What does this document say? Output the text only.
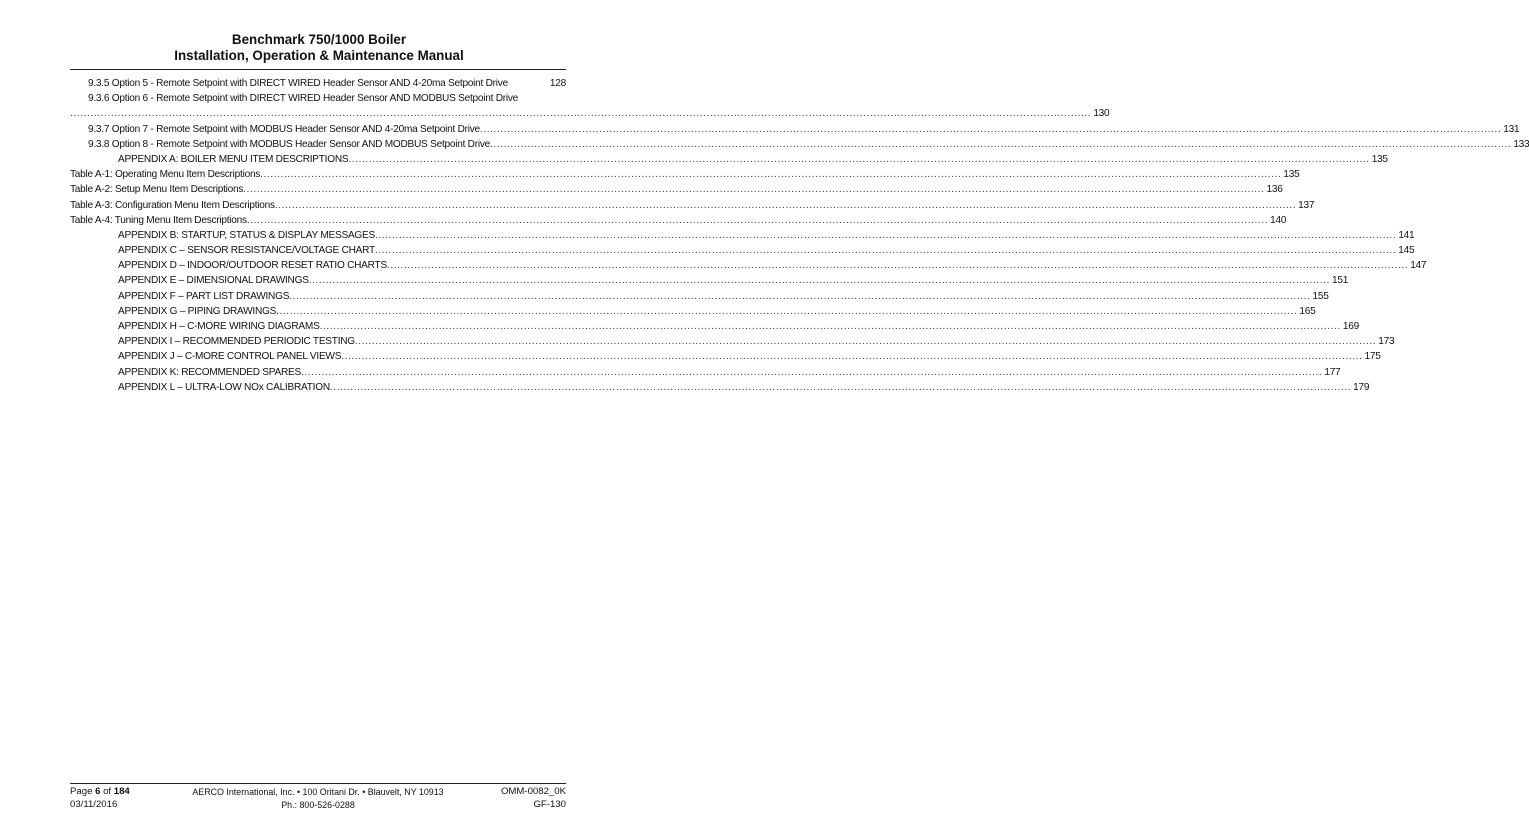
Benchmark 750/1000 Boiler
Installation, Operation & Maintenance Manual
9.3.5 Option 5 - Remote Setpoint with DIRECT WIRED Header Sensor AND 4-20ma Setpoint Drive	128
9.3.6 Option 6 - Remote Setpoint with DIRECT WIRED Header Sensor AND MODBUS Setpoint Drive
............................................................................................................................................................................................................................................................................................................ 130
9.3.7 Option 7 - Remote Setpoint with MODBUS Header Sensor AND 4-20ma Setpoint Drive ............................................................................................................................................................................................................................................................................................................ 131
9.3.8 Option 8 - Remote Setpoint with MODBUS Header Sensor AND MODBUS Setpoint Drive ............................................................................................................................................................................................................................................................................................................ 133
APPENDIX A: BOILER MENU ITEM DESCRIPTIONS ............................................................................................................................................................................................................................................................................................................ 135
Table A-1: Operating Menu Item Descriptions ............................................................................................................................................................................................................................................................................................................ 135
Table A-2: Setup Menu Item Descriptions ............................................................................................................................................................................................................................................................................................................ 136
Table A-3: Configuration Menu Item Descriptions ............................................................................................................................................................................................................................................................................................................ 137
Table A-4: Tuning Menu Item Descriptions ............................................................................................................................................................................................................................................................................................................ 140
APPENDIX B: STARTUP, STATUS & DISPLAY MESSAGES ............................................................................................................................................................................................................................................................................................................ 141
APPENDIX C – SENSOR RESISTANCE/VOLTAGE CHART ............................................................................................................................................................................................................................................................................................................ 145
APPENDIX D – INDOOR/OUTDOOR RESET RATIO CHARTS ............................................................................................................................................................................................................................................................................................................ 147
APPENDIX E – DIMENSIONAL DRAWINGS ............................................................................................................................................................................................................................................................................................................ 151
APPENDIX F – PART LIST DRAWINGS ............................................................................................................................................................................................................................................................................................................ 155
APPENDIX G – PIPING DRAWINGS ............................................................................................................................................................................................................................................................................................................ 165
APPENDIX H – C-MORE WIRING DIAGRAMS ............................................................................................................................................................................................................................................................................................................ 169
APPENDIX I – RECOMMENDED PERIODIC TESTING ............................................................................................................................................................................................................................................................................................................ 173
APPENDIX J – C-MORE CONTROL PANEL VIEWS ............................................................................................................................................................................................................................................................................................................ 175
APPENDIX K: RECOMMENDED SPARES ............................................................................................................................................................................................................................................................................................................ 177
APPENDIX L – ULTRA-LOW NOx CALIBRATION ............................................................................................................................................................................................................................................................................................................ 179
Page 6 of 184
03/11/2016
AERCO International, Inc. • 100 Oritani Dr. • Blauvelt, NY 10913
Ph.: 800-526-0288
OMM-0082_0K
GF-130
